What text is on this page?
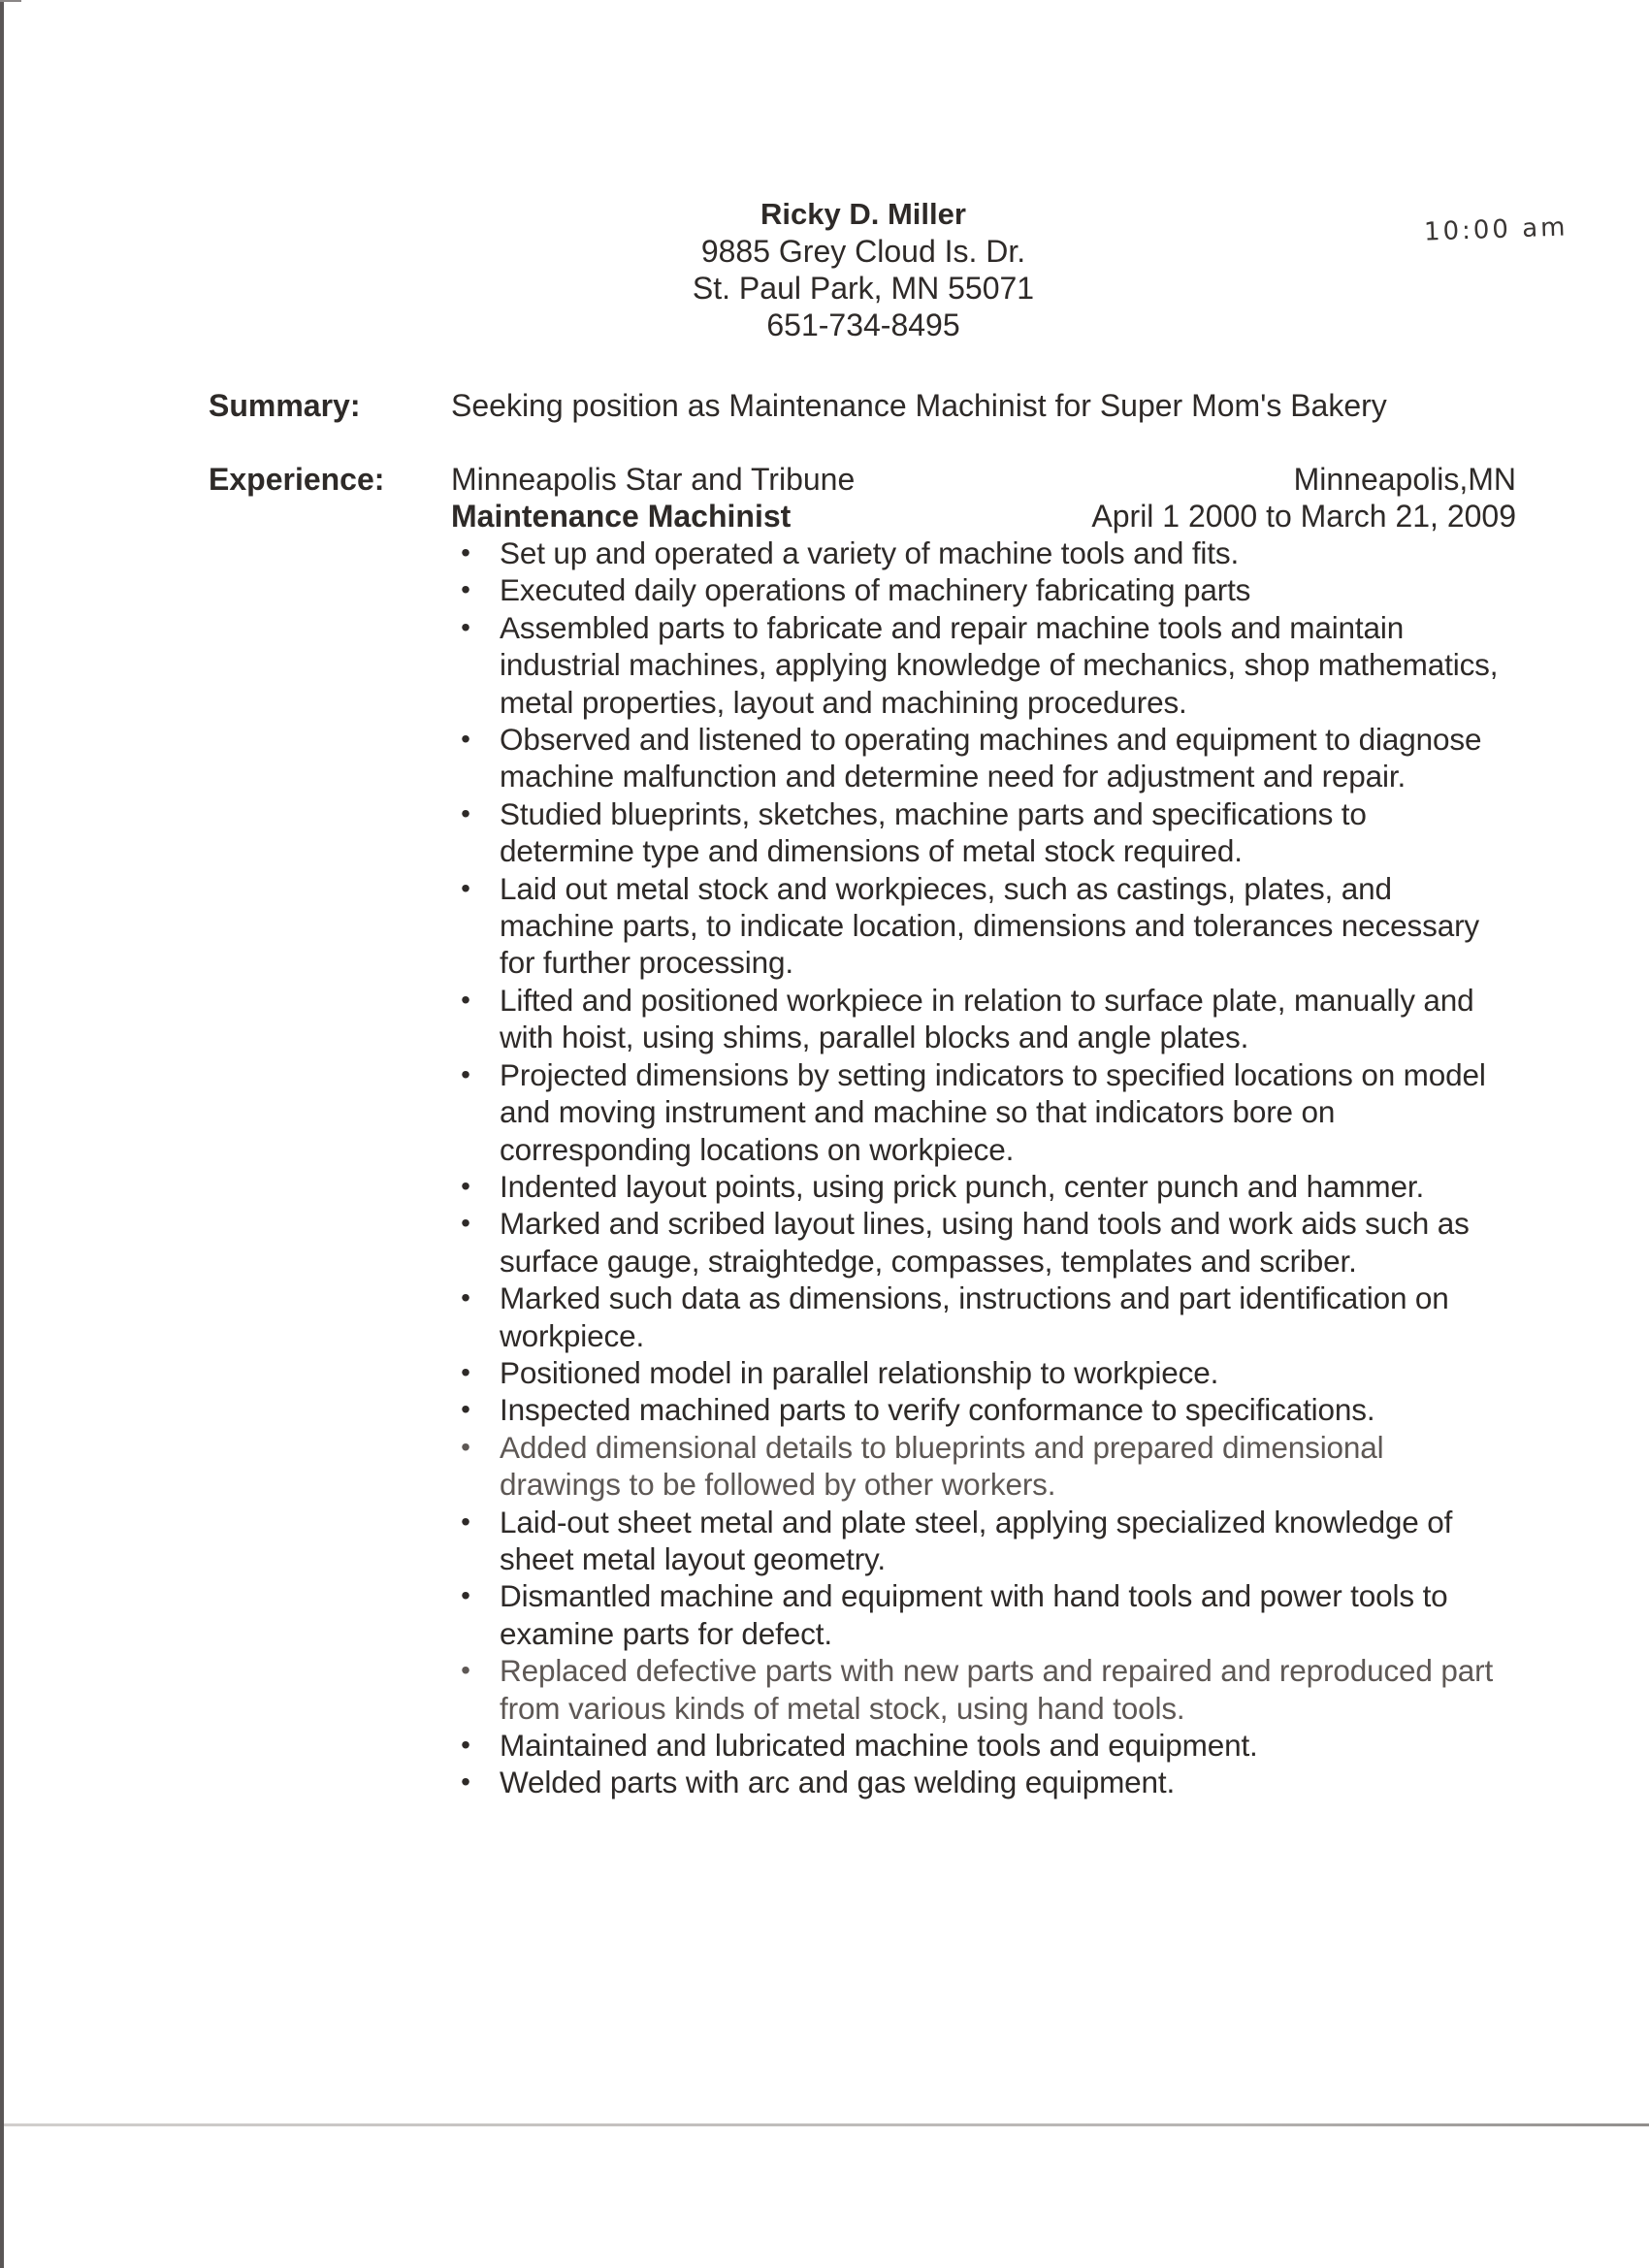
Ricky D. Miller
9885 Grey Cloud Is. Dr.
St. Paul Park, MN 55071
651-734-8495
10:00 am
Summary:	Seeking position as Maintenance Machinist for Super Mom's Bakery
Experience: Minneapolis Star and Tribune	Minneapolis,MN
Maintenance Machinist	April 1 2000 to March 21, 2009
• Set up and operated a variety of machine tools and fits.
• Executed daily operations of machinery fabricating parts
• Assembled parts to fabricate and repair machine tools and maintain industrial machines, applying knowledge of mechanics, shop mathematics, metal properties, layout and machining procedures.
• Observed and listened to operating machines and equipment to diagnose machine malfunction and determine need for adjustment and repair.
• Studied blueprints, sketches, machine parts and specifications to determine type and dimensions of metal stock required.
• Laid out metal stock and workpieces, such as castings, plates, and machine parts, to indicate location, dimensions and tolerances necessary for further processing.
• Lifted and positioned workpiece in relation to surface plate, manually and with hoist, using shims, parallel blocks and angle plates.
• Projected dimensions by setting indicators to specified locations on model and moving instrument and machine so that indicators bore on corresponding locations on workpiece.
• Indented layout points, using prick punch, center punch and hammer.
• Marked and scribed layout lines, using hand tools and work aids such as surface gauge, straightedge, compasses, templates and scriber.
• Marked such data as dimensions, instructions and part identification on workpiece.
• Positioned model in parallel relationship to workpiece.
• Inspected machined parts to verify conformance to specifications.
• Added dimensional details to blueprints and prepared dimensional drawings to be followed by other workers.
• Laid-out sheet metal and plate steel, applying specialized knowledge of sheet metal layout geometry.
• Dismantled machine and equipment with hand tools and power tools to examine parts for defect.
• Replaced defective parts with new parts and repaired and reproduced part from various kinds of metal stock, using hand tools.
• Maintained and lubricated machine tools and equipment.
• Welded parts with arc and gas welding equipment.
